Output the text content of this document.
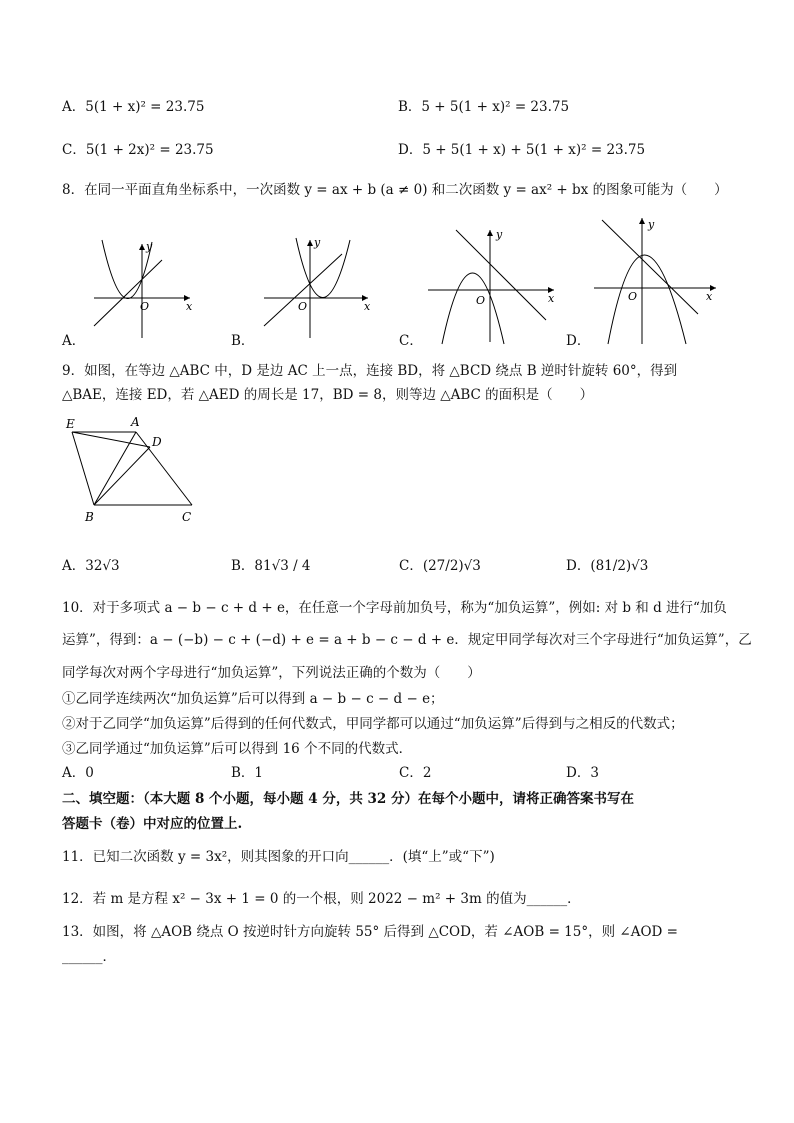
A．5(1 + x)² = 23.75	B．5 + 5(1 + x)² = 23.75
C．5(1 + 2x)² = 23.75	D．5 + 5(1 + x) + 5(1 + x)² = 23.75
8．在同一平面直角坐标系中，一次函数 y = ax + b (a ≠ 0) 和二次函数 y = ax² + bx 的图象可能为（　　）
x
y
O
A．
x
y
O
B．
x
y
O
C．
x
y
O
D．
9．如图，在等边 △ABC 中，D 是边 AC 上一点，连接 BD，将 △BCD 绕点 B 逆时针旋转 60°，得到
△BAE，连接 ED，若 △AED 的周长是 17，BD = 8，则等边 △ABC 的面积是（　　）
E	A
D
B	C
A．32√3	B．81√3 / 4	C．(27/2)√3	D．(81/2)√3
10．对于多项式 a − b − c + d + e，在任意一个字母前加负号，称为“加负运算”，例如: 对 b 和 d 进行“加负
运算”，得到：a − (−b) − c + (−d) + e = a + b − c − d + e．规定甲同学每次对三个字母进行“加负运算”，乙
同学每次对两个字母进行“加负运算”，下列说法正确的个数为（　　）
①乙同学连续两次“加负运算”后可以得到 a − b − c − d − e；
②对于乙同学“加负运算”后得到的任何代数式，甲同学都可以通过“加负运算”后得到与之相反的代数式；
③乙同学通过“加负运算”后可以得到 16 个不同的代数式．
A．0	B．1	C．2	D．3
二、填空题：（本大题 8 个小题，每小题 4 分，共 32 分）在每个小题中，请将正确答案书写在
答题卡（卷）中对应的位置上.
11．已知二次函数 y = 3x²，则其图象的开口向______．(填“上”或“下”)
12．若 m 是方程 x² − 3x + 1 = 0 的一个根，则 2022 − m² + 3m 的值为______．
13．如图，将 △AOB 绕点 O 按逆时针方向旋转 55° 后得到 △COD，若 ∠AOB = 15°，则 ∠AOD =
______．
